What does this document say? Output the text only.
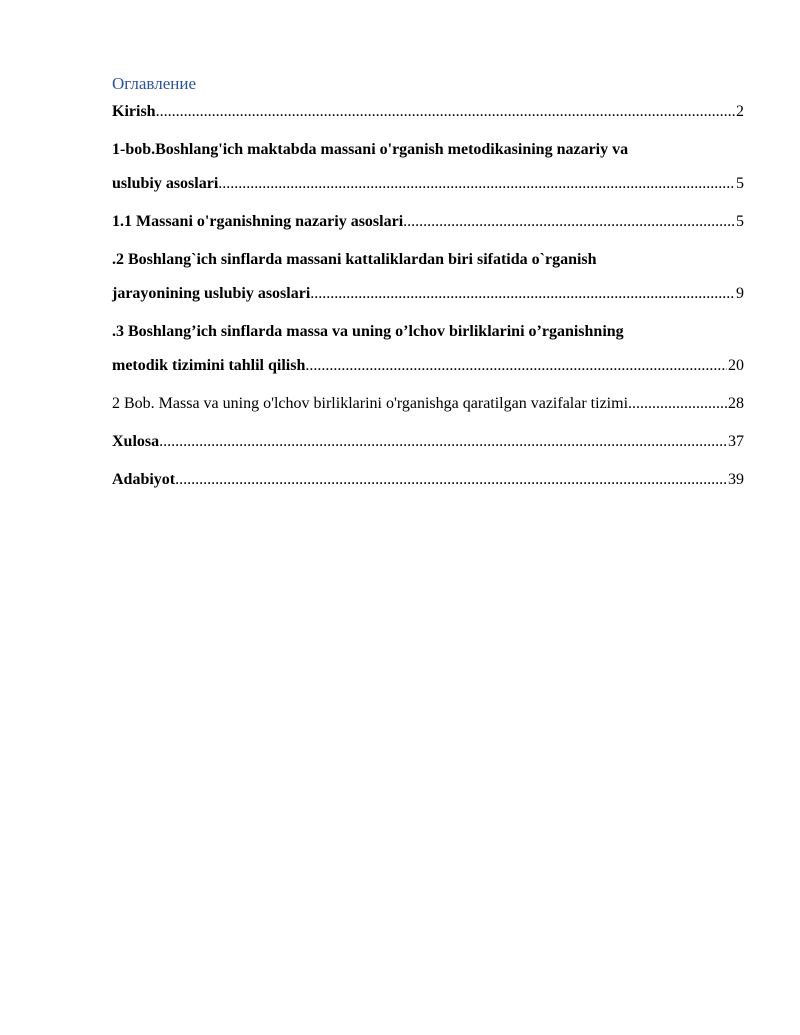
Оглавление
Kirish .....	2
1-bob.Boshlang'ich maktabda massani o'rganish metodikasining nazariy va
uslubiy asoslari .....	5
1.1 Massani o'rganishning nazariy asoslari .....	5
.2 Boshlang`ich sinflarda massani kattaliklardan biri sifatida o`rganish
jarayonining uslubiy asoslari .....	9
.3 Boshlang’ich sinflarda massa va uning o’lchov birliklarini o’rganishning
metodik tizimini tahlil qilish .....	20
2 Bob. Massa va uning o'lchov birliklarini o'rganishga qaratilgan vazifalar tizimi .....	28
Xulosa .....	37
Adabiyot .....	39
